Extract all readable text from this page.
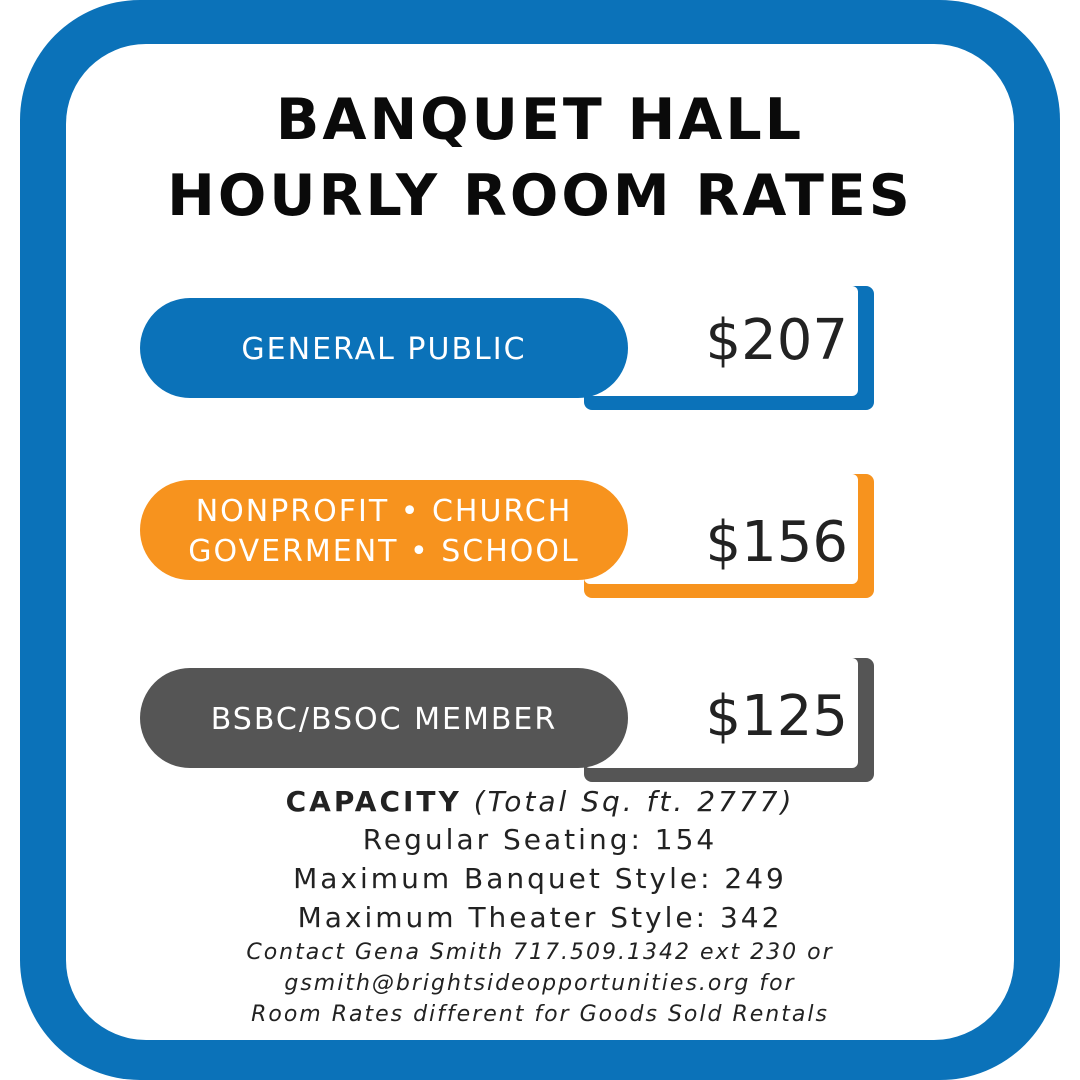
BANQUET HALL
HOURLY ROOM RATES
$207
GENERAL PUBLIC
$156
NONPROFIT • CHURCH
GOVERMENT • SCHOOL
$125
BSBC/BSOC MEMBER
CAPACITY (Total Sq. ft. 2777)
Regular Seating: 154
Maximum Banquet Style: 249
Maximum Theater Style: 342
Contact Gena Smith 717.509.1342 ext 230 or
gsmith@brightsideopportunities.org for
Room Rates different for Goods Sold Rentals
